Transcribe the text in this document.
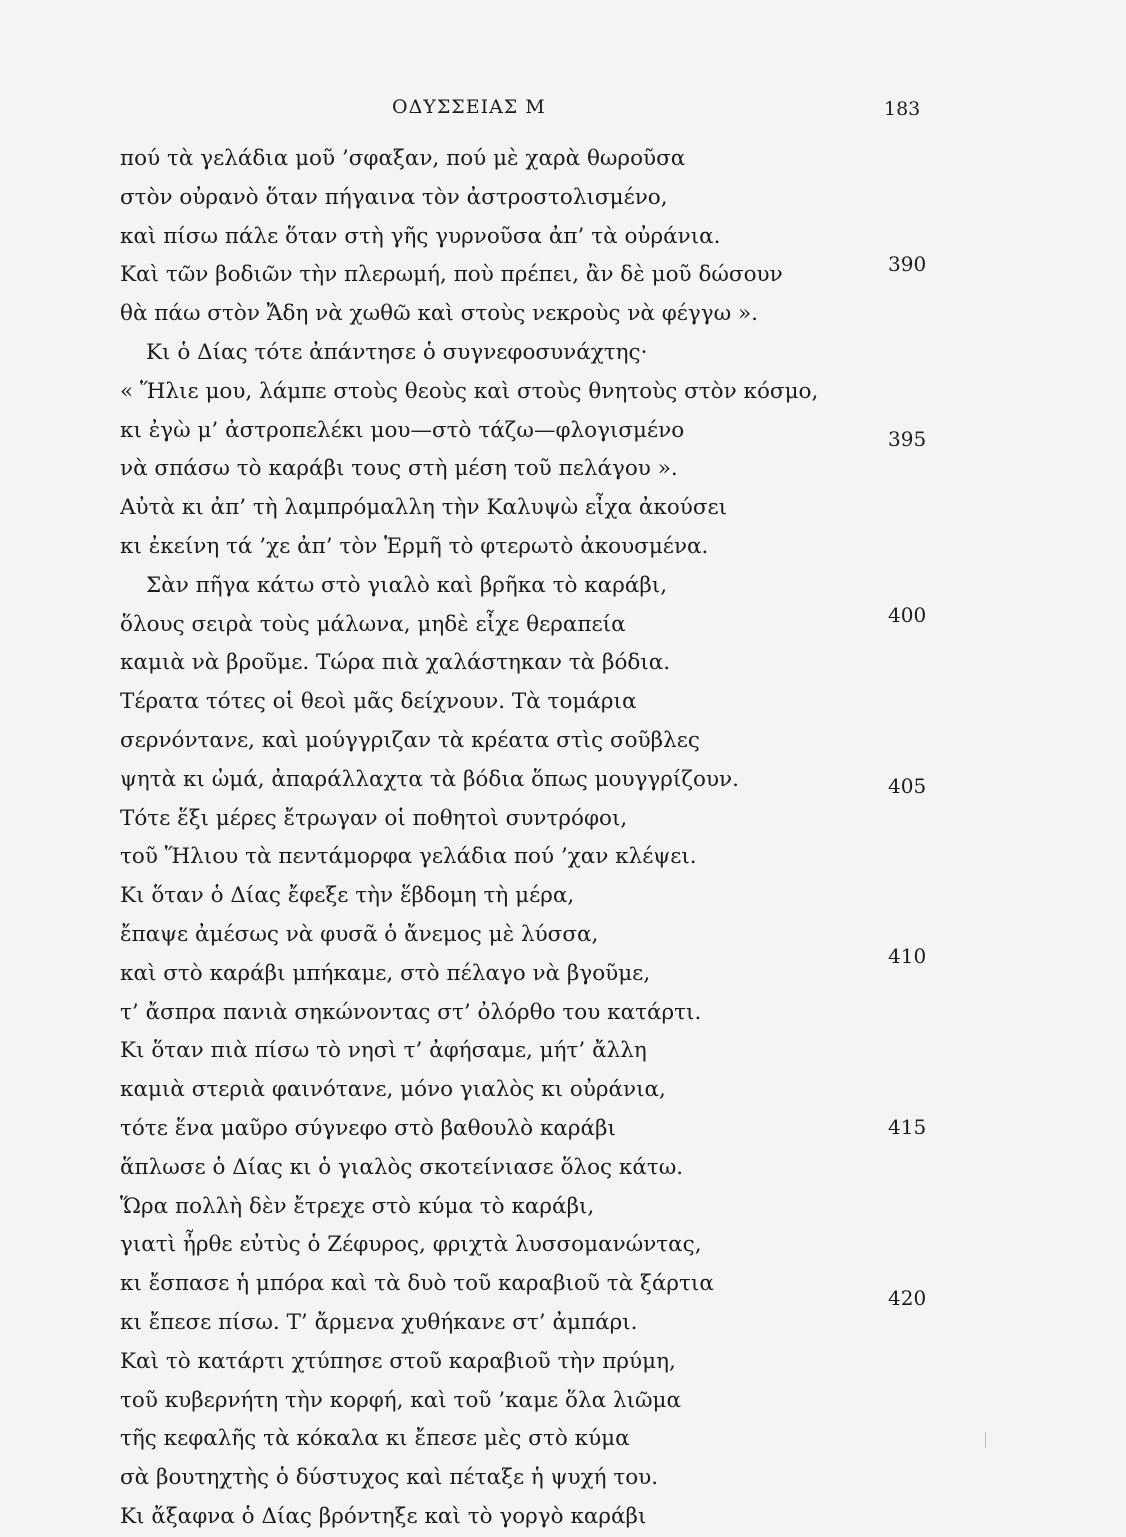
ΟΔΥΣΣΕΙΑΣ Μ	183
πού τὰ γελάδια μοῦ ’σφαξαν, πού μὲ χαρὰ θωροῦσα
στὸν οὐρανὸ ὅταν πήγαινα τὸν ἀστροστολισμένο,
καὶ πίσω πάλε ὅταν στὴ γῆς γυρνοῦσα ἀπ’ τὰ οὐράνια.
Καὶ τῶν βοδιῶν τὴν πλερωμή, ποὺ πρέπει, ἂν δὲ μοῦ δώσουν
θὰ πάω στὸν Ἄδη νὰ χωθῶ καὶ στοὺς νεκροὺς νὰ φέγγω ».
Κι ὁ Δίας τότε ἀπάντησε ὁ συγνεφοσυνάχτης·
« Ἥλιε μου, λάμπε στοὺς θεοὺς καὶ στοὺς θνητοὺς στὸν κόσμο,
κι ἐγὼ μ’ ἀστροπελέκι μου—στὸ τάζω—φλογισμένο
νὰ σπάσω τὸ καράβι τους στὴ μέση τοῦ πελάγου ».
Αὐτὰ κι ἀπ’ τὴ λαμπρόμαλλη τὴν Καλυψὼ εἶχα ἀκούσει
κι ἐκείνη τά ’χε ἀπ’ τὸν Ἑρμῆ τὸ φτερωτὸ ἀκουσμένα.
Σὰν πῆγα κάτω στὸ γιαλὸ καὶ βρῆκα τὸ καράβι,
ὅλους σειρὰ τοὺς μάλωνα, μηδὲ εἶχε θεραπεία
καμιὰ νὰ βροῦμε. Τώρα πιὰ χαλάστηκαν τὰ βόδια.
Τέρατα τότες οἱ θεοὶ μᾶς δείχνουν. Τὰ τομάρια
σερνόντανε, καὶ μούγγριζαν τὰ κρέατα στὶς σοῦβλες
ψητὰ κι ὠμά, ἀπαράλλαχτα τὰ βόδια ὅπως μουγγρίζουν.
Τότε ἕξι μέρες ἔτρωγαν οἱ ποθητοὶ συντρόφοι,
τοῦ Ἥλιου τὰ πεντάμορφα γελάδια πού ’χαν κλέψει.
Κι ὅταν ὁ Δίας ἔφεξε τὴν ἕβδομη τὴ μέρα,
ἔπαψε ἀμέσως νὰ φυσᾶ ὁ ἄνεμος μὲ λύσσα,
καὶ στὸ καράβι μπήκαμε, στὸ πέλαγο νὰ βγοῦμε,
τ’ ἄσπρα πανιὰ σηκώνοντας στ’ ὀλόρθο του κατάρτι.
Κι ὅταν πιὰ πίσω τὸ νησὶ τ’ ἀφήσαμε, μήτ’ ἄλλη
καμιὰ στεριὰ φαινότανε, μόνο γιαλὸς κι οὐράνια,
τότε ἕνα μαῦρο σύγνεφο στὸ βαθουλὸ καράβι
ἅπλωσε ὁ Δίας κι ὁ γιαλὸς σκοτείνιασε ὅλος κάτω.
Ὥρα πολλὴ δὲν ἔτρεχε στὸ κύμα τὸ καράβι,
γιατὶ ἦρθε εὐτὺς ὁ Ζέφυρος, φριχτὰ λυσσομανώντας,
κι ἔσπασε ἡ μπόρα καὶ τὰ δυὸ τοῦ καραβιοῦ τὰ ξάρτια
κι ἔπεσε πίσω. Τ’ ἄρμενα χυθήκανε στ’ ἀμπάρι.
Καὶ τὸ κατάρτι χτύπησε στοῦ καραβιοῦ τὴν πρύμη,
τοῦ κυβερνήτη τὴν κορφή, καὶ τοῦ ’καμε ὅλα λιῶμα
τῆς κεφαλῆς τὰ κόκαλα κι ἔπεσε μὲς στὸ κύμα
σὰ βουτηχτὴς ὁ δύστυχος καὶ πέταξε ἡ ψυχή του.
Κι ἄξαφνα ὁ Δίας βρόντηξε καὶ τὸ γοργὸ καράβι
390
395
400
405
410
415
420
